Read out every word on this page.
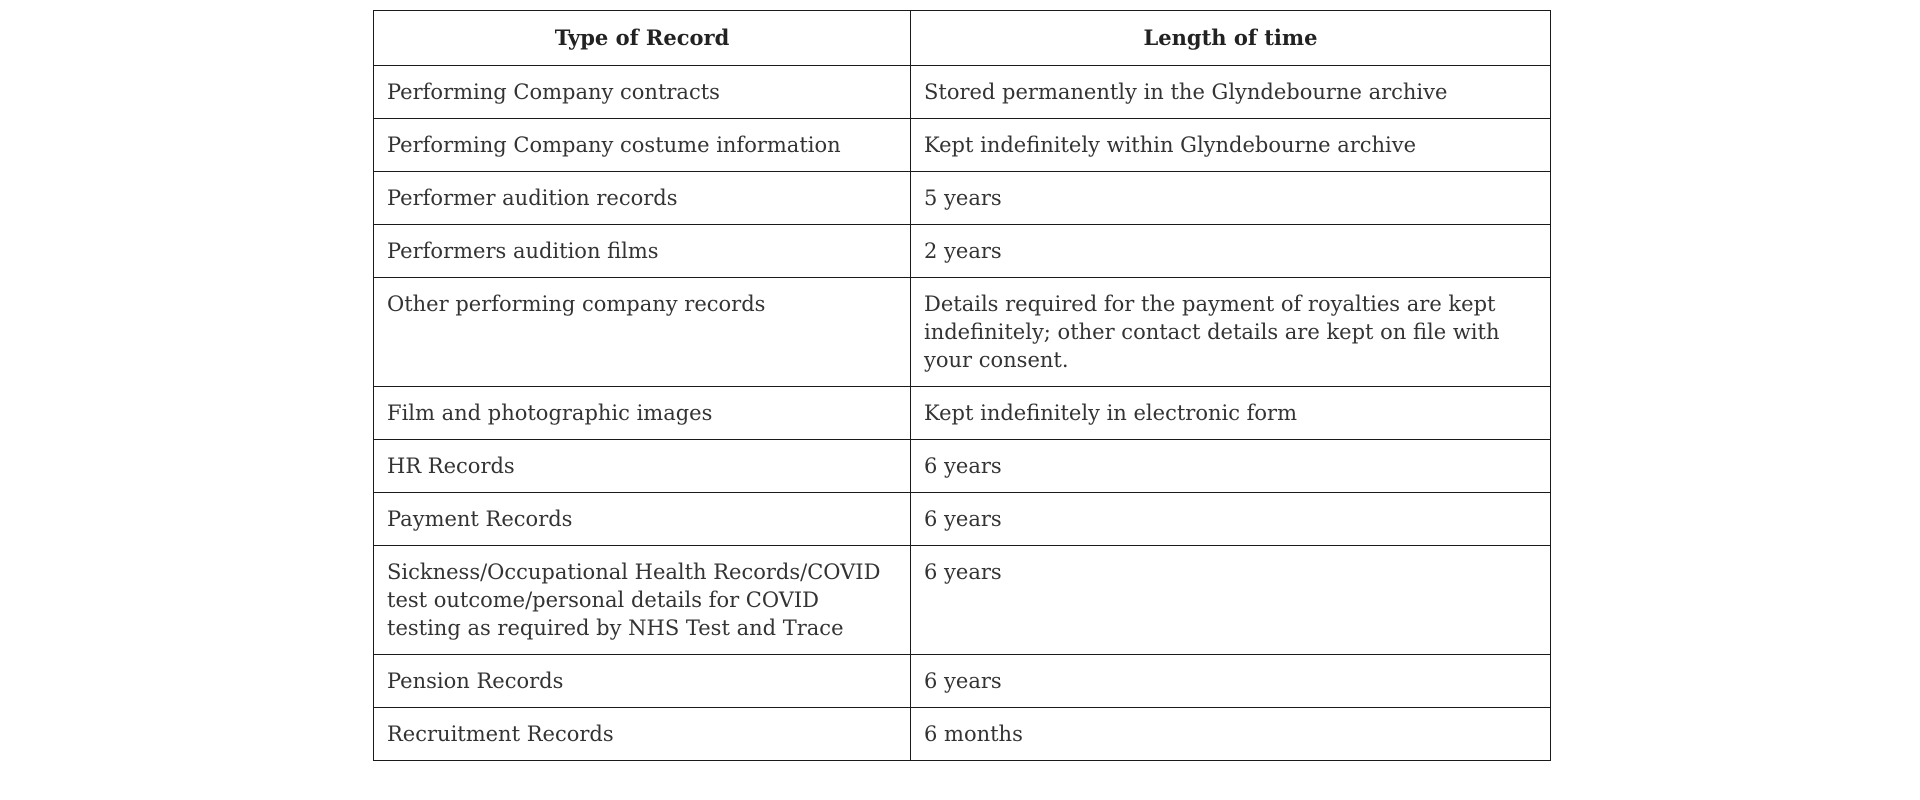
Type of Record	Length of time
Performing Company contracts	Stored permanently in the Glyndebourne archive
Performing Company costume information	Kept indefinitely within Glyndebourne archive
Performer audition records	5 years
Performers audition films	2 years
Other performing company records	Details required for the payment of royalties are kept indefinitely; other contact details are kept on file with your consent.
Film and photographic images	Kept indefinitely in electronic form
HR Records	6 years
Payment Records	6 years
Sickness/Occupational Health Records/COVID test outcome/personal details for COVID testing as required by NHS Test and Trace	6 years
Pension Records	6 years
Recruitment Records	6 months
